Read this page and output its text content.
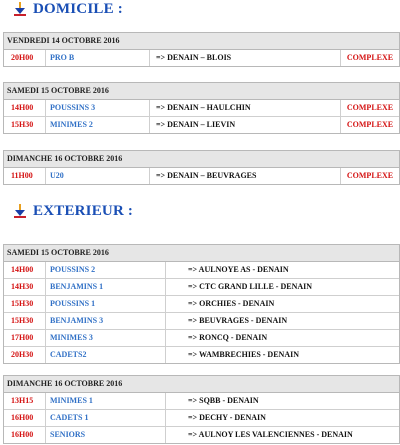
DOMICILE :
VENDREDI 14 OCTOBRE 2016
20H00	PRO B	=> DENAIN – BLOIS	COMPLEXE
SAMEDI 15 OCTOBRE 2016
14H00	POUSSINS 3	=> DENAIN – HAULCHIN	COMPLEXE
15H30	MINIMES 2	=> DENAIN – LIEVIN	COMPLEXE
DIMANCHE 16 OCTOBRE 2016
11H00	U20	=> DENAIN – BEUVRAGES	COMPLEXE
EXTERIEUR :
SAMEDI 15 OCTOBRE 2016
14H00	POUSSINS 2	=> AULNOYE AS - DENAIN
14H30	BENJAMINS 1	=> CTC GRAND LILLE - DENAIN
15H30	POUSSINS 1	=> ORCHIES - DENAIN
15H30	BENJAMINS 3	=> BEUVRAGES - DENAIN
17H00	MINIMES 3	=> RONCQ - DENAIN
20H30	CADETS2	=> WAMBRECHIES - DENAIN
DIMANCHE 16 OCTOBRE 2016
13H15	MINIMES 1	=> SQBB - DENAIN
16H00	CADETS 1	=> DECHY - DENAIN
16H00	SENIORS	=> AULNOY LES VALENCIENNES - DENAIN
